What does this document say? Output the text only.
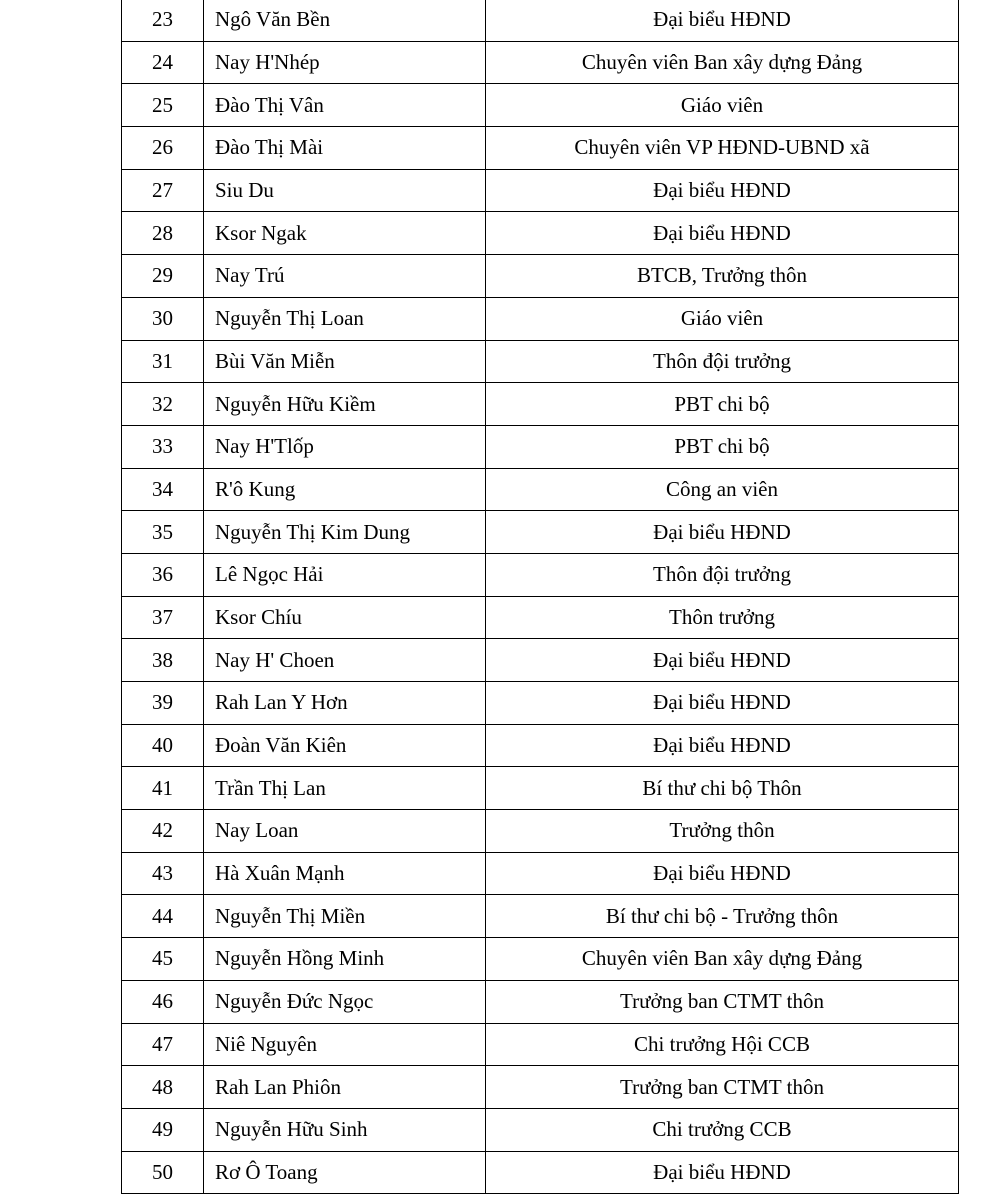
23	Ngô Văn Bền	Đại biểu HĐND
24	Nay H'Nhép	Chuyên viên Ban xây dựng Đảng
25	Đào Thị Vân	Giáo viên
26	Đào Thị Mài	Chuyên viên VP HĐND-UBND xã
27	Siu Du	Đại biểu HĐND
28	Ksor Ngak	Đại biểu HĐND
29	Nay Trú	BTCB, Trưởng thôn
30	Nguyễn Thị Loan	Giáo viên
31	Bùi Văn Miễn	Thôn đội trưởng
32	Nguyễn Hữu Kiềm	PBT chi bộ
33	Nay H'Tlốp	PBT chi bộ
34	R'ô Kung	Công an viên
35	Nguyễn Thị Kim Dung	Đại biểu HĐND
36	Lê Ngọc Hải	Thôn đội trưởng
37	Ksor Chíu	Thôn trưởng
38	Nay H' Choen	Đại biểu HĐND
39	Rah Lan Y Hơn	Đại biểu HĐND
40	Đoàn Văn Kiên	Đại biểu HĐND
41	Trần Thị Lan	Bí thư chi bộ Thôn
42	Nay Loan	Trưởng thôn
43	Hà Xuân Mạnh	Đại biểu HĐND
44	Nguyễn Thị Miền	Bí thư chi bộ - Trưởng thôn
45	Nguyễn Hồng Minh	Chuyên viên Ban xây dựng Đảng
46	Nguyễn Đức Ngọc	Trưởng ban CTMT thôn
47	Niê Nguyên	Chi trưởng Hội CCB
48	Rah Lan Phiôn	Trưởng ban CTMT thôn
49	Nguyễn Hữu Sinh	Chi trưởng CCB
50	Rơ Ô Toang	Đại biểu HĐND
